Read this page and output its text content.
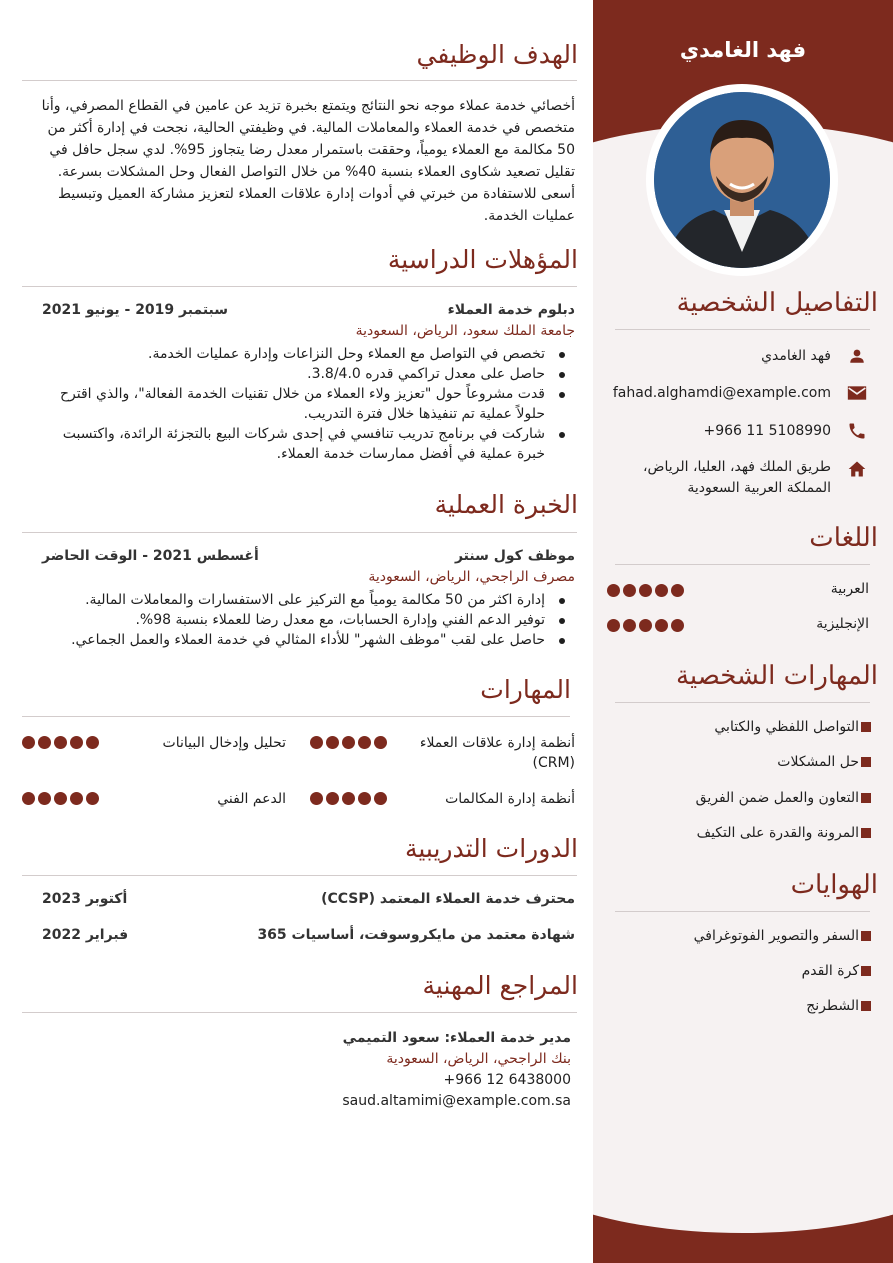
فهد الغامدي
التفاصيل الشخصية
فهد الغامدي
fahad.alghamdi@example.com
+966 11 5108990
طريق الملك فهد، العليا، الرياض، المملكة العربية السعودية
اللغات
العربية
الإنجليزية
المهارات الشخصية
التواصل اللفظي والكتابي
حل المشكلات
التعاون والعمل ضمن الفريق
المرونة والقدرة على التكيف
الهوايات
السفر والتصوير الفوتوغرافي
كرة القدم
الشطرنج
الهدف الوظيفي
أخصائي خدمة عملاء موجه نحو النتائج ويتمتع بخبرة تزيد عن عامين في القطاع المصرفي، وأنا
متخصص في خدمة العملاء والمعاملات المالية. في وظيفتي الحالية، نجحت في إدارة أكثر من
50 مكالمة مع العملاء يومياً، وحققت باستمرار معدل رضا يتجاوز 95%. لدي سجل حافل في
تقليل تصعيد شكاوى العملاء بنسبة 40% من خلال التواصل الفعال وحل المشكلات بسرعة.
أسعى للاستفادة من خبرتي في أدوات إدارة علاقات العملاء لتعزيز مشاركة العميل وتبسيط
عمليات الخدمة.
المؤهلات الدراسية
دبلوم خدمة العملاء
سبتمبر 2019 - يونيو 2021
جامعة الملك سعود، الرياض، السعودية
تخصص في التواصل مع العملاء وحل النزاعات وإدارة عمليات الخدمة.
حاصل على معدل تراكمي قدره 3.8/4.0.
قدت مشروعاً حول "تعزيز ولاء العملاء من خلال تقنيات الخدمة الفعالة"، والذي اقترح حلولاً عملية تم تنفيذها خلال فترة التدريب.
شاركت في برنامج تدريب تنافسي في إحدى شركات البيع بالتجزئة الرائدة، واكتسبت خبرة عملية في أفضل ممارسات خدمة العملاء.
الخبرة العملية
موظف كول سنتر
أغسطس 2021 - الوقت الحاضر
مصرف الراجحي، الرياض، السعودية
إدارة اكثر من 50 مكالمة يومياً مع التركيز على الاستفسارات والمعاملات المالية.
توفير الدعم الفني وإدارة الحسابات، مع معدل رضا للعملاء بنسبة 98%.
حاصل على لقب "موظف الشهر" للأداء المثالي في خدمة العملاء والعمل الجماعي.
المهارات
أنظمة إدارة علاقات العملاء (CRM)
تحليل وإدخال البيانات
أنظمة إدارة المكالمات
الدعم الفني
الدورات التدريبية
محترف خدمة العملاء المعتمد (CCSP)
أكتوبر 2023
شهادة معتمد من مايكروسوفت، أساسيات 365
فبراير 2022
المراجع المهنية
مدير خدمة العملاء: سعود التميمي
بنك الراجحي، الرياض، السعودية
+966 12 6438000
saud.altamimi@example.com.sa
